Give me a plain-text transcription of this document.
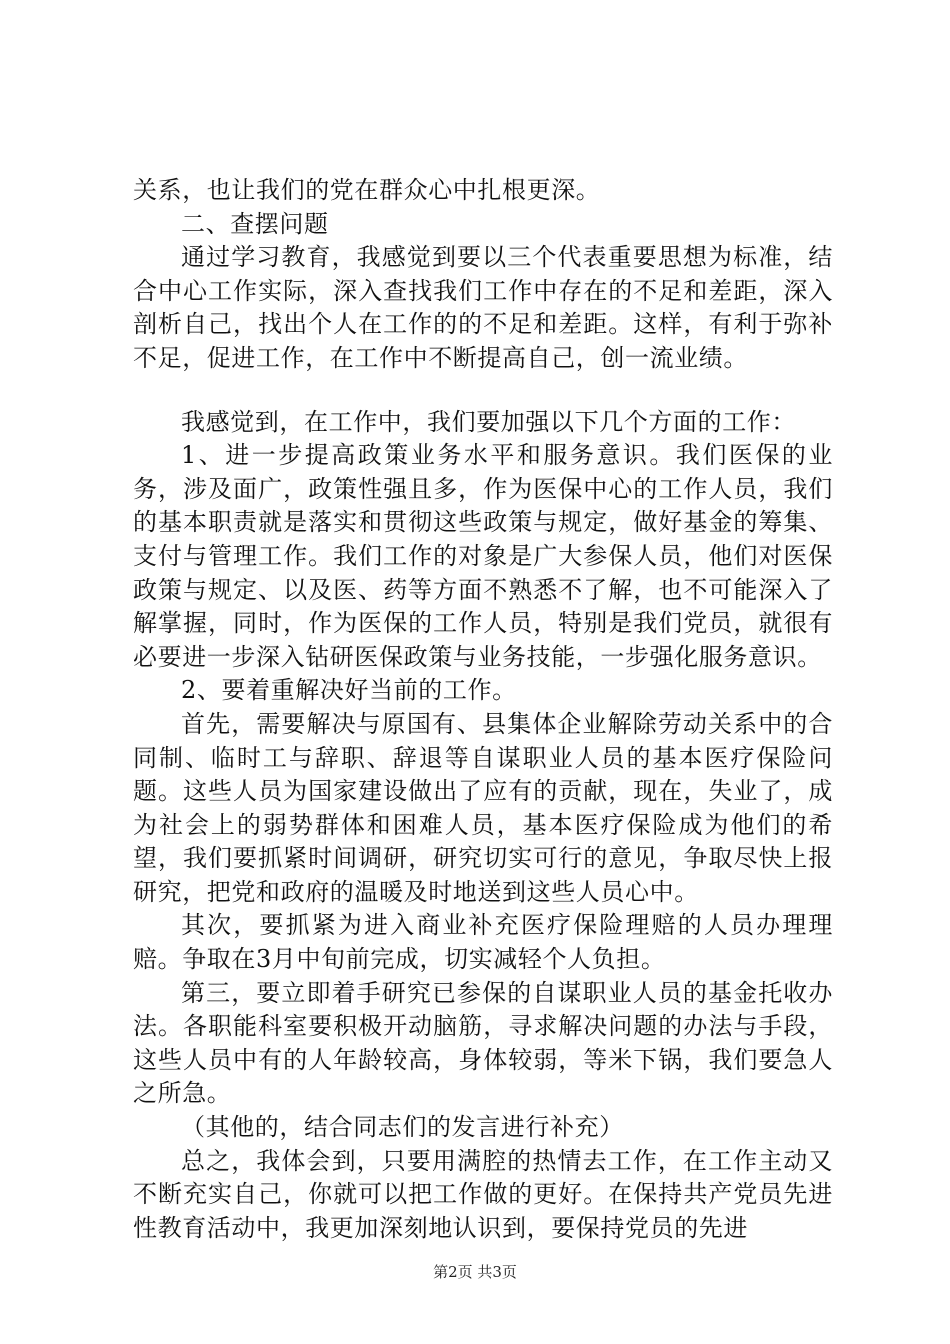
关系，也让我们的党在群众心中扎根更深。

二、查摆问题

通过学习教育，我感觉到要以三个代表重要思想为标准，结合中心工作实际，深入查找我们工作中存在的不足和差距，深入剖析自己，找出个人在工作的的不足和差距。这样，有利于弥补不足，促进工作，在工作中不断提高自己，创一流业绩。

我感觉到，在工作中，我们要加强以下几个方面的工作：

1、进一步提高政策业务水平和服务意识。我们医保的业务，涉及面广，政策性强且多，作为医保中心的工作人员，我们的基本职责就是落实和贯彻这些政策与规定，做好基金的筹集、支付与管理工作。我们工作的对象是广大参保人员，他们对医保政策与规定、以及医、药等方面不熟悉不了解，也不可能深入了解掌握，同时，作为医保的工作人员，特别是我们党员，就很有必要进一步深入钻研医保政策与业务技能，一步强化服务意识。

2、要着重解决好当前的工作。

首先，需要解决与原国有、县集体企业解除劳动关系中的合同制、临时工与辞职、辞退等自谋职业人员的基本医疗保险问题。这些人员为国家建设做出了应有的贡献，现在，失业了，成为社会上的弱势群体和困难人员，基本医疗保险成为他们的希望，我们要抓紧时间调研，研究切实可行的意见，争取尽快上报研究，把党和政府的温暖及时地送到这些人员心中。

其次，要抓紧为进入商业补充医疗保险理赔的人员办理理赔。争取在3月中旬前完成，切实减轻个人负担。

第三，要立即着手研究已参保的自谋职业人员的基金托收办法。各职能科室要积极开动脑筋，寻求解决问题的办法与手段，这些人员中有的人年龄较高，身体较弱，等米下锅，我们要急人之所急。

（其他的，结合同志们的发言进行补充）

总之，我体会到，只要用满腔的热情去工作，在工作主动又不断充实自己，你就可以把工作做的更好。在保持共产党员先进性教育活动中，我更加深刻地认识到，要保持党员的先进

第2页 共3页
